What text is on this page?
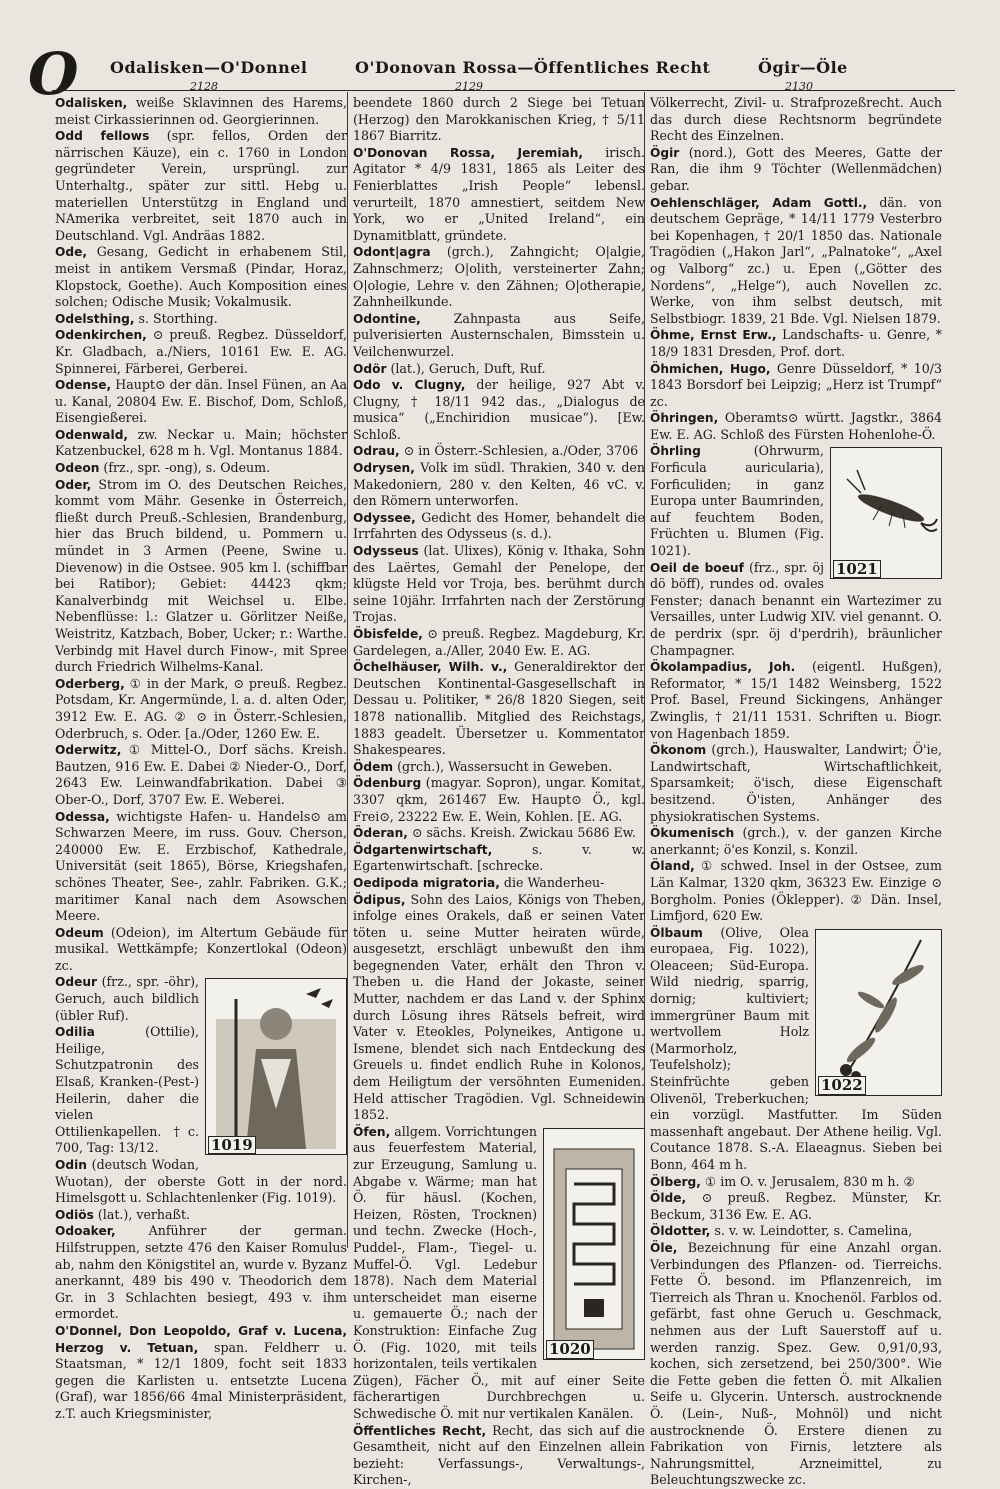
O Odalisken—O'Donnel	O'Donovan Rossa—Öffentliches Recht	Ögir—Öle
2128	2129	2130

Odalisken, weiße Sklavinnen des Harems, meist Cirkassierinnen od. Georgierinnen.

Odd fellows (spr. fellos, Orden der närrischen Käuze), ein c. 1760 in London gegründeter Verein, ursprüngl. zur Unterhaltg., später zur sittl. Hebg u. materiellen Unterstützg in England und NAmerika verbreitet, seit 1870 auch in Deutschland. Vgl. Andräas 1882.

Ode, Gesang, Gedicht in erhabenem Stil, meist in antikem Versmaß (Pindar, Horaz, Klopstock, Goethe). Auch Komposition eines solchen; Odische Musik; Vokalmusik.

Odelsthing, s. Storthing.

Odenkirchen, ⊙ preuß. Regbez. Düsseldorf, Kr. Gladbach, a./Niers, 10161 Ew. E. AG. Spinnerei, Färberei, Gerberei.

Odense, Haupt⊙ der dän. Insel Fünen, an Aa u. Kanal, 20804 Ew. E. Bischof, Dom, Schloß, Eisengießerei.

Odenwald, zw. Neckar u. Main; höchster Katzenbuckel, 628 m h. Vgl. Montanus 1884.

Odeon (frz., spr. -ong), s. Odeum.

Oder, Strom im O. des Deutschen Reiches, kommt vom Mähr. Gesenke in Österreich, fließt durch Preuß.-Schlesien, Brandenburg, hier das Bruch bildend, u. Pommern u. mündet in 3 Armen (Peene, Swine u. Dievenow) in die Ostsee. 905 km l. (schiffbar bei Ratibor); Gebiet: 44423 qkm; Kanalverbindg mit Weichsel u. Elbe. Nebenflüsse: l.: Glatzer u. Görlitzer Neiße, Weistritz, Katzbach, Bober, Ucker; r.: Warthe. Verbindg mit Havel durch Finow-, mit Spree durch Friedrich Wilhelms-Kanal.

Oderberg, ① in der Mark, ⊙ preuß. Regbez. Potsdam, Kr. Angermünde, l. a. d. alten Oder, 3912 Ew. E. AG. ② ⊙ in Österr.-Schlesien, Oderbruch, s. Oder. [a./Oder, 1260 Ew. E.

Oderwitz, ① Mittel-O., Dorf sächs. Kreish. Bautzen, 916 Ew. E. Dabei ② Nieder-O., Dorf, 2643 Ew. Leinwandfabrikation. Dabei ③ Ober-O., Dorf, 3707 Ew. E. Weberei.

Odessa, wichtigste Hafen- u. Handels⊙ am Schwarzen Meere, im russ. Gouv. Cherson, 240000 Ew. E. Erzbischof, Kathedrale, Universität (seit 1865), Börse, Kriegshafen, schönes Theater, See-, zahlr. Fabriken. G.K.; maritimer Kanal nach dem Asowschen Meere.

Odeum (Odeion), im Altertum Gebäude für musikal. Wettkämpfe; Konzertlokal (Odeon) zc.

1019

Odeur (frz., spr. -öhr), Geruch, auch bildlich (übler Ruf).

Odilia (Ottilie), Heilige, Schutzpatronin des Elsaß, Kranken-(Pest-) Heilerin, daher die vielen Ottilienkapellen. †c. 700, Tag: 13/12.

Odin (deutsch Wodan, Wuotan), der oberste Gott in der nord. Himelsgott u. Schlachtenlenker (Fig. 1019).

Odiös (lat.), verhaßt.

Odoaker, Anführer der german. Hilfstruppen, setzte 476 den Kaiser Romulus ab, nahm den Königstitel an, wurde v. Byzanz anerkannt, 489 bis 490 v. Theodorich dem Gr. in 3 Schlachten besiegt, 493 v. ihm ermordet.

O'Donnel, Don Leopoldo, Graf v. Lucena, Herzog v. Tetuan, span. Feldherr u. Staatsman, * 12/1 1809, focht seit 1833 gegen die Karlisten u. entsetzte Lucena (Graf), war 1856/66 4mal Ministerpräsident, z.T. auch Kriegsminister,

beendete 1860 durch 2 Siege bei Tetuan (Herzog) den Marokkanischen Krieg, † 5/11 1867 Biarritz.

O'Donovan Rossa, Jeremiah, irisch. Agitator * 4/9 1831, 1865 als Leiter des Fenierblattes „Irish People“ lebensl. verurteilt, 1870 amnestiert, seitdem New York, wo er „United Ireland“, ein Dynamitblatt, gründete.

Odont|agra (grch.), Zahngicht; O|algie, Zahnschmerz; O|olith, versteinerter Zahn; O|ologie, Lehre v. den Zähnen; O|otherapie, Zahnheilkunde.

Odontine, Zahnpasta aus Seife, pulverisierten Austernschalen, Bimsstein u. Veilchenwurzel.

Odör (lat.), Geruch, Duft, Ruf.

Odo v. Clugny, der heilige, 927 Abt v. Clugny, † 18/11 942 das., „Dialogus de musica“ („Enchiridion musicae“). [Ew. Schloß.

Odrau, ⊙ in Österr.-Schlesien, a./Oder, 3706

Odrysen, Volk im südl. Thrakien, 340 v. den Makedoniern, 280 v. den Kelten, 46 vC. v. den Römern unterworfen.

Odyssee, Gedicht des Homer, behandelt die Irrfahrten des Odysseus (s. d.).

Odysseus (lat. Ulixes), König v. Ithaka, Sohn des Laërtes, Gemahl der Penelope, der klügste Held vor Troja, bes. berühmt durch seine 10jähr. Irrfahrten nach der Zerstörung Trojas.

Öbisfelde, ⊙ preuß. Regbez. Magdeburg, Kr. Gardelegen, a./Aller, 2040 Ew. E. AG.

Öchelhäuser, Wilh. v., Generaldirektor der Deutschen Kontinental-Gasgesellschaft in Dessau u. Politiker, * 26/8 1820 Siegen, seit 1878 nationallib. Mitglied des Reichstags, 1883 geadelt. Übersetzer u. Kommentator Shakespeares.

Ödem (grch.), Wassersucht in Geweben.

Ödenburg (magyar. Sopron), ungar. Komitat, 3307 qkm, 261467 Ew. Haupt⊙ Ö., kgl. Frei⊙, 23222 Ew. E. Wein, Kohlen. [E. AG.

Öderan, ⊙ sächs. Kreish. Zwickau 5686 Ew.

Ödgartenwirtschaft, s. v. w. Egartenwirtschaft. [schrecke.

Oedipoda migratoria, die Wanderheu-

Ödipus, Sohn des Laios, Königs von Theben, infolge eines Orakels, daß er seinen Vater töten u. seine Mutter heiraten würde, ausgesetzt, erschlägt unbewußt den ihm begegnenden Vater, erhält den Thron v. Theben u. die Hand der Jokaste, seiner Mutter, nachdem er das Land v. der Sphinx durch Lösung ihres Rätsels befreit, wird Vater v. Eteokles, Polyneikes, Antigone u. Ismene, blendet sich nach Entdeckung des Greuels u. findet endlich Ruhe in Kolonos, dem Heiligtum der versöhnten Eumeniden. Held attischer Tragödien. Vgl. Schneidewin 1852.

1020

Öfen, allgem. Vorrichtungen aus feuerfestem Material, zur Erzeugung, Samlung u. Abgabe v. Wärme; man hat Ö. für häusl. (Kochen, Heizen, Rösten, Trocknen) und techn. Zwecke (Hoch-, Puddel-, Flam-, Tiegel- u. Muffel-Ö. Vgl. Ledebur 1878). Nach dem Material unterscheidet man eiserne u. gemauerte Ö.; nach der Konstruktion: Einfache Zug Ö. (Fig. 1020, mit teils horizontalen, teils vertikalen Zügen), Fächer Ö., mit auf einer Seite fächerartigen Durchbrechgen u. Schwedische Ö. mit nur vertikalen Kanälen.

Öffentliches Recht, Recht, das sich auf die Gesamtheit, nicht auf den Einzelnen allein bezieht: Verfassungs-, Verwaltungs-, Kirchen-,

Völkerrecht, Zivil- u. Strafprozeßrecht. Auch das durch diese Rechtsnorm begründete Recht des Einzelnen.

Ögir (nord.), Gott des Meeres, Gatte der Ran, die ihm 9 Töchter (Wellenmädchen) gebar.

Oehlenschläger, Adam Gottl., dän. von deutschem Gepräge, * 14/11 1779 Vesterbro bei Kopenhagen, † 20/1 1850 das. Nationale Tragödien („Hakon Jarl“, „Palnatoke“, „Axel og Valborg“ zc.) u. Epen („Götter des Nordens“, „Helge“), auch Novellen zc. Werke, von ihm selbst deutsch, mit Selbstbiogr. 1839, 21 Bde. Vgl. Nielsen 1879.

Öhme, Ernst Erw., Landschafts- u. Genre, * 18/9 1831 Dresden, Prof. dort.

Öhmichen, Hugo, Genre Düsseldorf, * 10/3 1843 Borsdorf bei Leipzig; „Herz ist Trumpf“ zc.

Öhringen, Oberamts⊙ württ. Jagstkr., 3864 Ew. E. AG. Schloß des Fürsten Hohenlohe-Ö.

1021

Öhrling (Ohrwurm, Forficula auricularia), Forficuliden; in ganz Europa unter Baumrinden, auf feuchtem Boden, Früchten u. Blumen (Fig. 1021).

Oeil de boeuf (frz., spr. öj dö böff), rundes od. ovales Fenster; danach benannt ein Wartezimer zu Versailles, unter Ludwig XIV. viel genannt. O. de perdrix (spr. öj d'perdrih), bräunlicher Champagner.

Ökolampadius, Joh. (eigentl. Hußgen), Reformator, * 15/1 1482 Weinsberg, 1522 Prof. Basel, Freund Sickingens, Anhänger Zwinglis, † 21/11 1531. Schriften u. Biogr. von Hagenbach 1859.

Ökonom (grch.), Hauswalter, Landwirt; Ö'ie, Landwirtschaft, Wirtschaftlichkeit, Sparsamkeit; ö'isch, diese Eigenschaft besitzend. Ö'isten, Anhänger des physiokratischen Systems.

Ökumenisch (grch.), v. der ganzen Kirche anerkannt; ö'es Konzil, s. Konzil.

Öland, ① schwed. Insel in der Ostsee, zum Län Kalmar, 1320 qkm, 36323 Ew. Einzige ⊙ Borgholm. Ponies (Öklepper). ② Dän. Insel, Limfjord, 620 Ew.

1022

Ölbaum (Olive, Olea europaea, Fig. 1022), Oleaceen; Süd-Europa. Wild niedrig, sparrig, dornig; kultiviert; immergrüner Baum mit wertvollem Holz (Marmorholz, Teufelsholz); Steinfrüchte geben Olivenöl, Treberkuchen; ein vorzügl. Mastfutter. Im Süden massenhaft angebaut. Der Athene heilig. Vgl. Coutance 1878. S.-A. Elaeagnus. Sieben bei Bonn, 464 m h.

Ölberg, ① im O. v. Jerusalem, 830 m h. ②

Ölde, ⊙ preuß. Regbez. Münster, Kr. Beckum, 3136 Ew. E. AG.

Öldotter, s. v. w. Leindotter, s. Camelina,

Öle, Bezeichnung für eine Anzahl organ. Verbindungen des Pflanzen- od. Tierreichs. Fette Ö. besond. im Pflanzenreich, im Tierreich als Thran u. Knochenöl. Farblos od. gefärbt, fast ohne Geruch u. Geschmack, nehmen aus der Luft Sauerstoff auf u. werden ranzig. Spez. Gew. 0,91/0,93, kochen, sich zersetzend, bei 250/300°. Wie die Fette geben die fetten Ö. mit Alkalien Seife u. Glycerin. Untersch. austrocknende Ö. (Lein-, Nuß-, Mohnöl) und nicht austrocknende Ö. Erstere dienen zu Fabrikation von Firnis, letztere als Nahrungsmittel, Arzneimittel, zu Beleuchtungszwecke zc.
